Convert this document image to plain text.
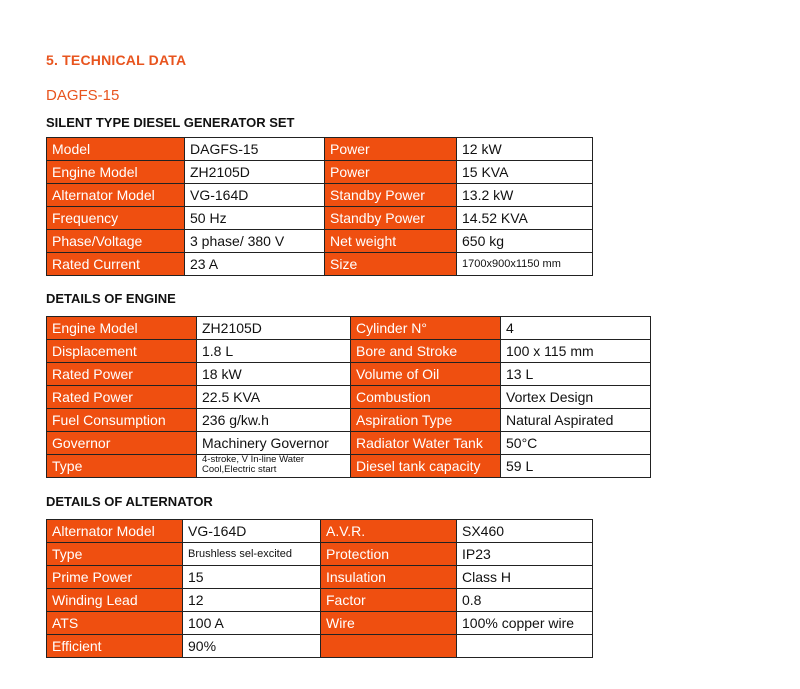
5. TECHNICAL DATA
DAGFS-15
SILENT TYPE DIESEL GENERATOR SET
Model	DAGFS-15	Power	12 kW
Engine Model	ZH2105D	Power	15 KVA
Alternator Model	VG-164D	Standby Power	13.2 kW
Frequency	50 Hz	Standby Power	14.52 KVA
Phase/Voltage	3 phase/ 380 V	Net weight	650 kg
Rated Current	23 A	Size	1700x900x1150 mm
DETAILS OF ENGINE
Engine Model	ZH2105D	Cylinder N°	4
Displacement	1.8 L	Bore and Stroke	100 x 115 mm
Rated Power	18 kW	Volume of Oil	13 L
Rated Power	22.5 KVA	Combustion	Vortex Design
Fuel Consumption	236 g/kw.h	Aspiration Type	Natural Aspirated
Governor	Machinery Governor	Radiator Water Tank	50°C
Type	4-stroke, V In-line Water Cool,Electric start	Diesel tank capacity	59 L
DETAILS OF ALTERNATOR
Alternator Model	VG-164D	A.V.R.	SX460
Type	Brushless sel-excited	Protection	IP23
Prime Power	15	Insulation	Class H
Winding Lead	12	Factor	0.8
ATS	100 A	Wire	100% copper wire
Efficient	90%		
